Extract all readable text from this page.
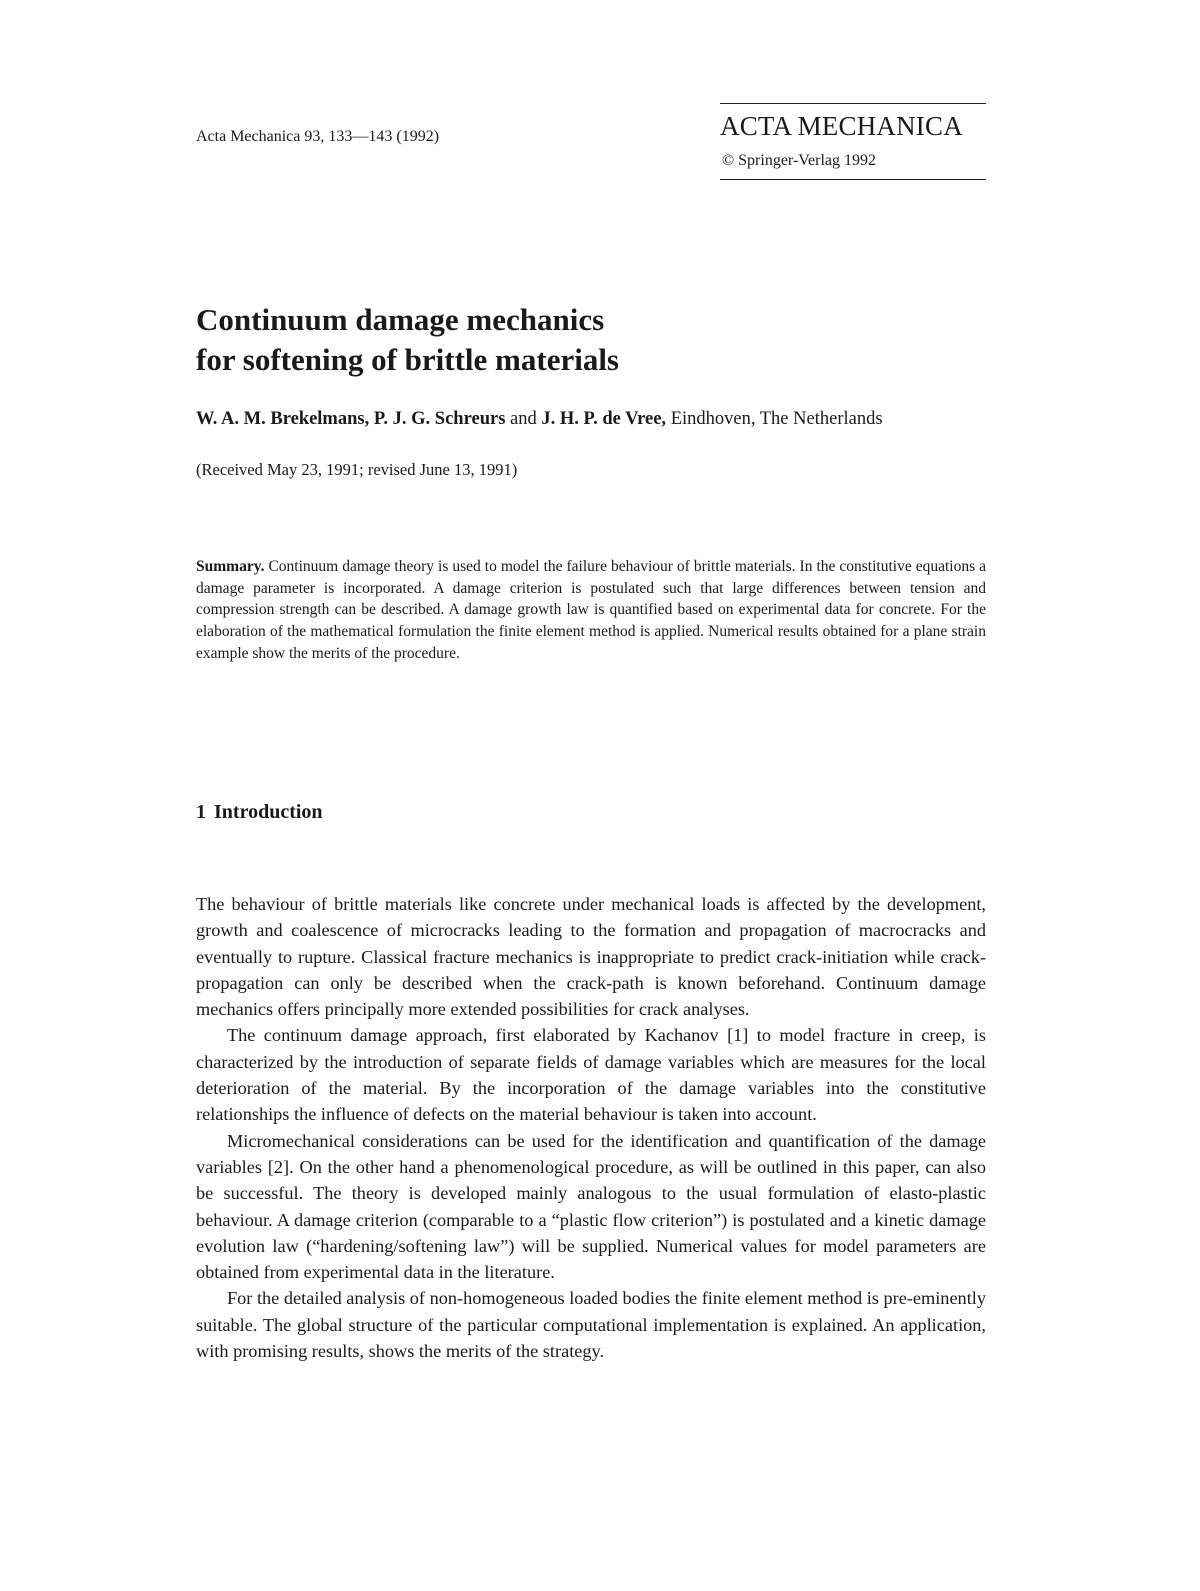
Acta Mechanica 93, 133—143 (1992)	ACTA MECHANICA
© Springer-Verlag 1992
Continuum damage mechanics
for softening of brittle materials
W. A. M. Brekelmans, P. J. G. Schreurs and J. H. P. de Vree, Eindhoven, The Netherlands
(Received May 23, 1991; revised June 13, 1991)
Summary. Continuum damage theory is used to model the failure behaviour of brittle materials. In the constitutive equations a damage parameter is incorporated. A damage criterion is postulated such that large differences between tension and compression strength can be described. A damage growth law is quantified based on experimental data for concrete. For the elaboration of the mathematical formulation the finite element method is applied. Numerical results obtained for a plane strain example show the merits of the procedure.
1 Introduction

The behaviour of brittle materials like concrete under mechanical loads is affected by the development, growth and coalescence of microcracks leading to the formation and propagation of macrocracks and eventually to rupture. Classical fracture mechanics is inappropriate to predict crack-initiation while crack-propagation can only be described when the crack-path is known beforehand. Continuum damage mechanics offers principally more extended possibilities for crack analyses.

The continuum damage approach, first elaborated by Kachanov [1] to model fracture in creep, is characterized by the introduction of separate fields of damage variables which are measures for the local deterioration of the material. By the incorporation of the damage variables into the constitutive relationships the influence of defects on the material behaviour is taken into account.

Micromechanical considerations can be used for the identification and quantification of the damage variables [2]. On the other hand a phenomenological procedure, as will be outlined in this paper, can also be successful. The theory is developed mainly analogous to the usual formulation of elasto-plastic behaviour. A damage criterion (comparable to a “plastic flow criterion”) is postulated and a kinetic damage evolution law (“hardening/softening law”) will be supplied. Numerical values for model parameters are obtained from experimental data in the literature.

For the detailed analysis of non-homogeneous loaded bodies the finite element method is pre-eminently suitable. The global structure of the particular computational implementation is explained. An application, with promising results, shows the merits of the strategy.
